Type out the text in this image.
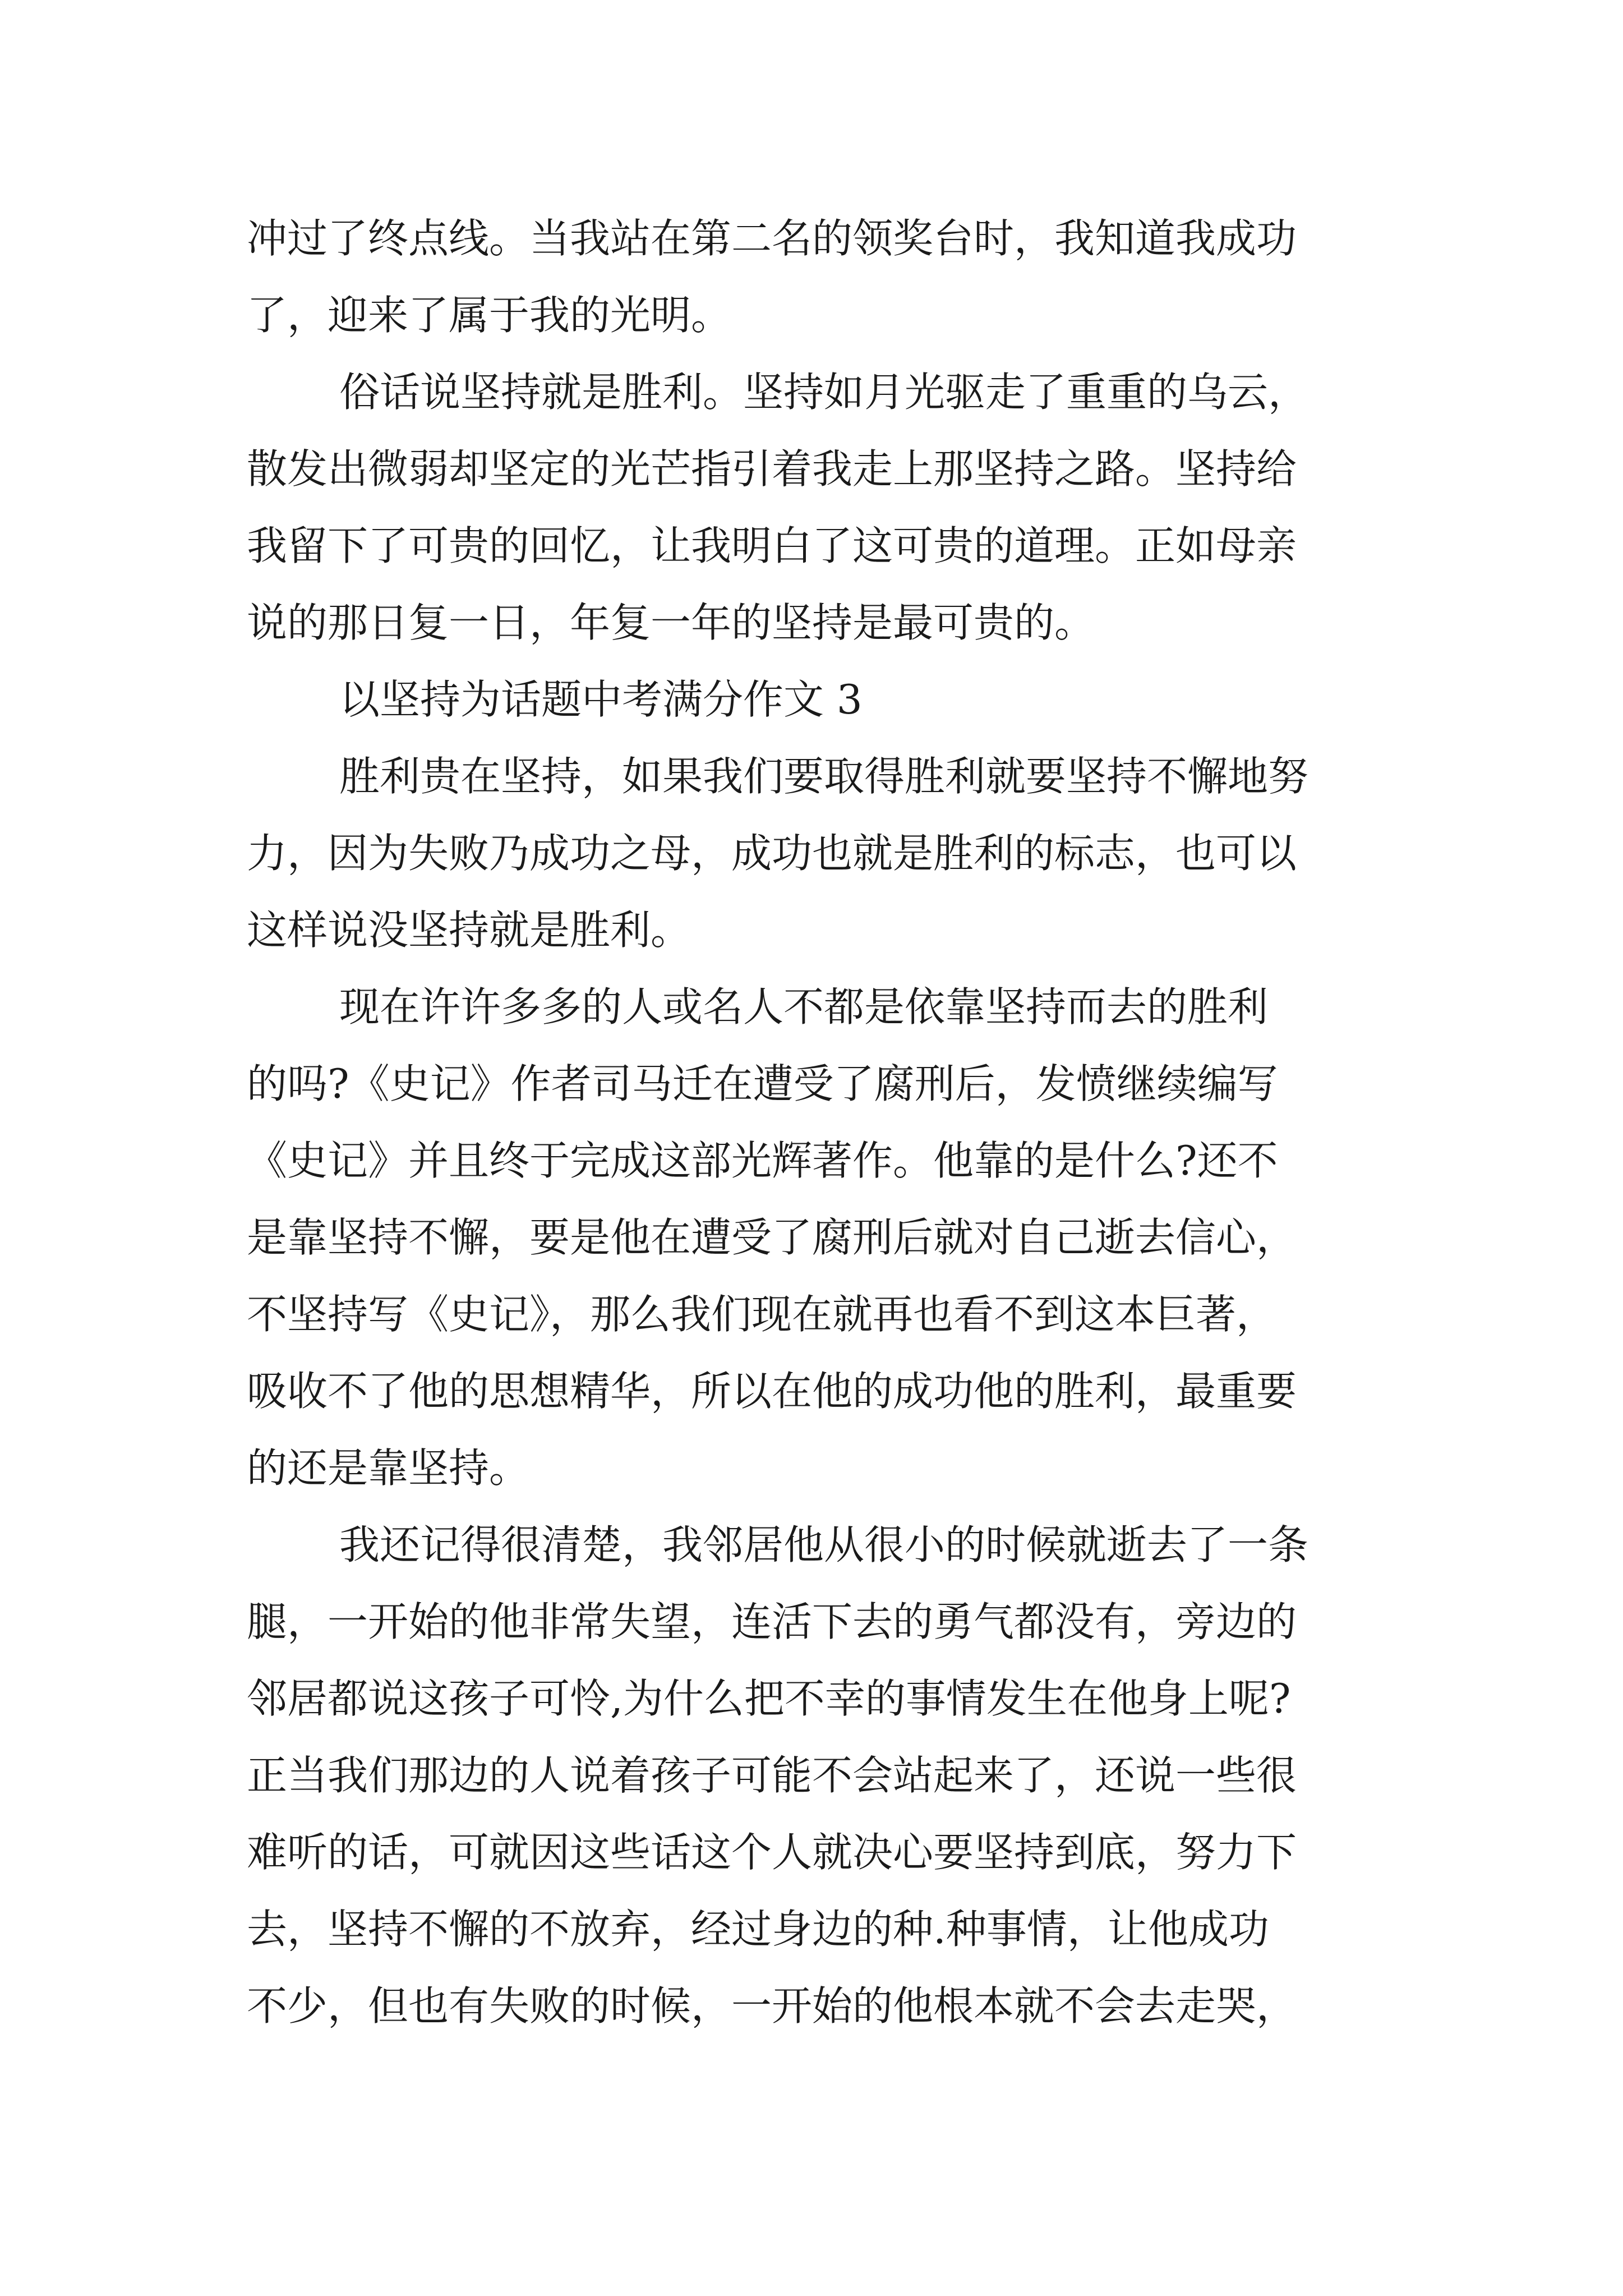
冲过了终点线。当我站在第二名的领奖台时，我知道我成功
了，迎来了属于我的光明。
俗话说坚持就是胜利。坚持如月光驱走了重重的乌云，
散发出微弱却坚定的光芒指引着我走上那坚持之路。坚持给
我留下了可贵的回忆，让我明白了这可贵的道理。正如母亲
说的那日复一日，年复一年的坚持是最可贵的。
以坚持为话题中考满分作文 3
胜利贵在坚持，如果我们要取得胜利就要坚持不懈地努
力，因为失败乃成功之母，成功也就是胜利的标志，也可以
这样说没坚持就是胜利。
现在许许多多的人或名人不都是依靠坚持而去的胜利
的吗?《史记》作者司马迁在遭受了腐刑后，发愤继续编写
《史记》并且终于完成这部光辉著作。他靠的是什么?还不
是靠坚持不懈，要是他在遭受了腐刑后就对自己逝去信心，
不坚持写《史记》，那么我们现在就再也看不到这本巨著，
吸收不了他的思想精华，所以在他的成功他的胜利，最重要
的还是靠坚持。
我还记得很清楚，我邻居他从很小的时候就逝去了一条
腿，一开始的他非常失望，连活下去的勇气都没有，旁边的
邻居都说这孩子可怜,为什么把不幸的事情发生在他身上呢?
正当我们那边的人说着孩子可能不会站起来了，还说一些很
难听的话，可就因这些话这个人就决心要坚持到底，努力下
去，坚持不懈的不放弃，经过身边的种.种事情，让他成功
不少，但也有失败的时候，一开始的他根本就不会去走哭，
